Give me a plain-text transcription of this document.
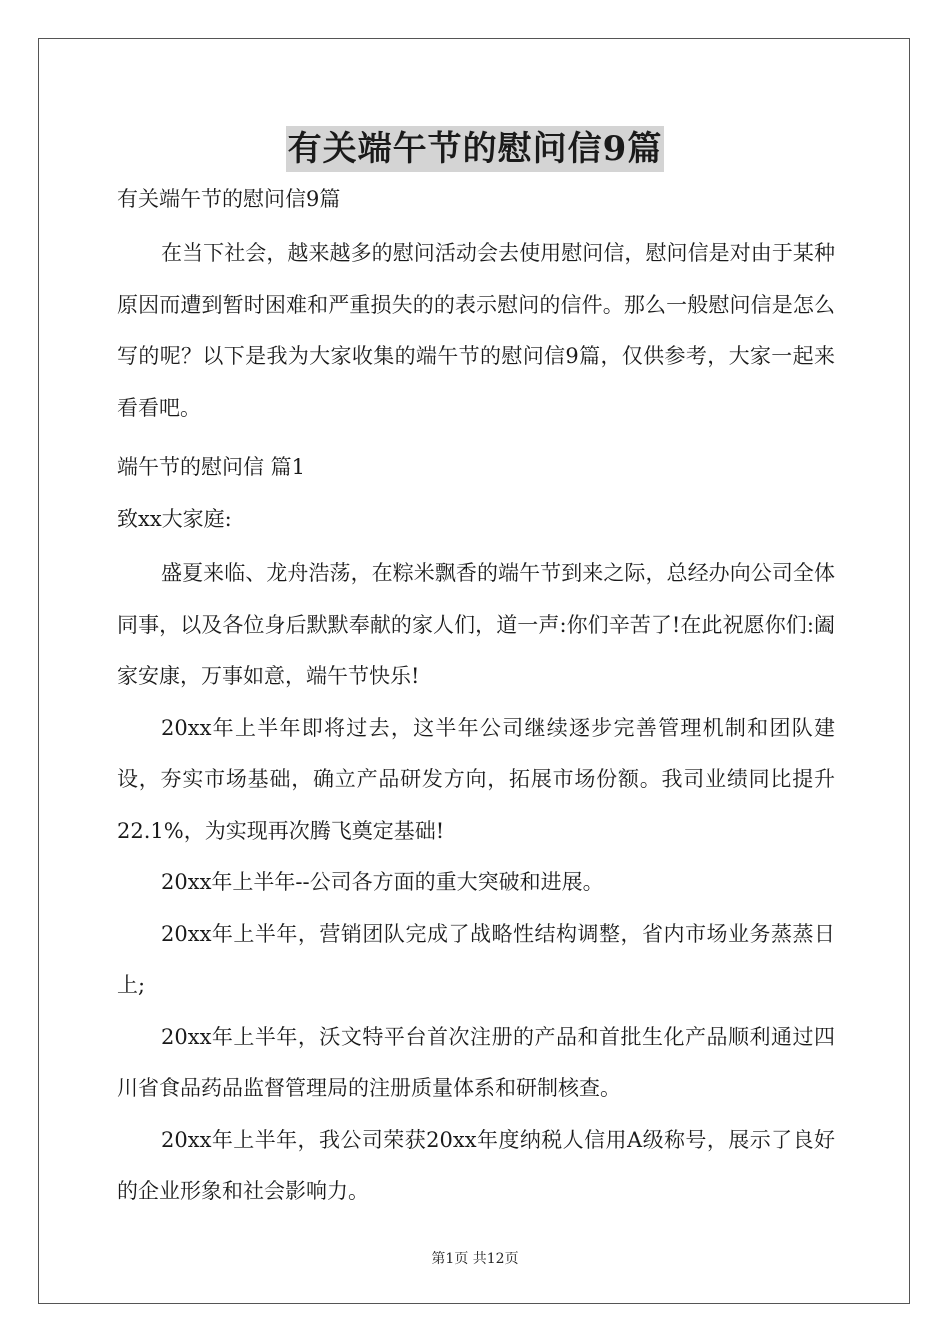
有关端午节的慰问信9篇
有关端午节的慰问信9篇

在当下社会，越来越多的慰问活动会去使用慰问信，慰问信是对由于某种原因而遭到暂时困难和严重损失的的表示慰问的信件。那么一般慰问信是怎么写的呢？以下是我为大家收集的端午节的慰问信9篇，仅供参考，大家一起来看看吧。

端午节的慰问信 篇1

致xx大家庭:

盛夏来临、龙舟浩荡，在粽米飘香的端午节到来之际，总经办向公司全体同事，以及各位身后默默奉献的家人们，道一声:你们辛苦了!在此祝愿你们:阖家安康，万事如意，端午节快乐!

20xx年上半年即将过去，这半年公司继续逐步完善管理机制和团队建设，夯实市场基础，确立产品研发方向，拓展市场份额。我司业绩同比提升22.1%，为实现再次腾飞奠定基础!

20xx年上半年--公司各方面的重大突破和进展。

20xx年上半年，营销团队完成了战略性结构调整，省内市场业务蒸蒸日上;

20xx年上半年，沃文特平台首次注册的产品和首批生化产品顺利通过四川省食品药品监督管理局的注册质量体系和研制核查。

20xx年上半年，我公司荣获20xx年度纳税人信用A级称号，展示了良好的企业形象和社会影响力。

第1页 共12页
